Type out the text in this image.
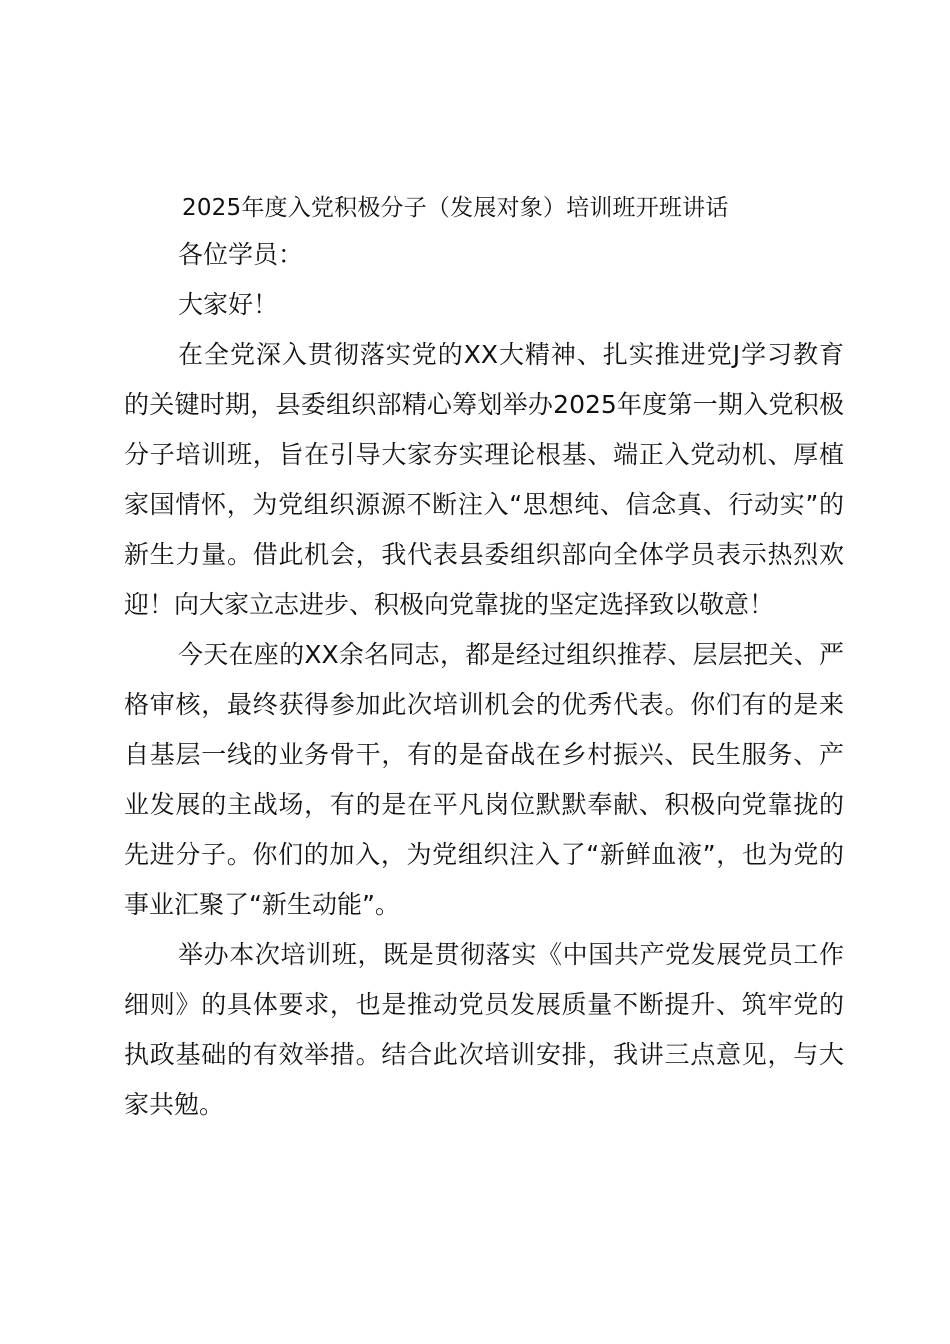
2025年度入党积极分子（发展对象）培训班开班讲话

各位学员：

大家好！

在全党深入贯彻落实党的XX大精神、扎实推进党J学习教育的关键时期，县委组织部精心筹划举办2025年度第一期入党积极分子培训班，旨在引导大家夯实理论根基、端正入党动机、厚植家国情怀，为党组织源源不断注入“思想纯、信念真、行动实”的新生力量。借此机会，我代表县委组织部向全体学员表示热烈欢迎！向大家立志进步、积极向党靠拢的坚定选择致以敬意！

今天在座的XX余名同志，都是经过组织推荐、层层把关、严格审核，最终获得参加此次培训机会的优秀代表。你们有的是来自基层一线的业务骨干，有的是奋战在乡村振兴、民生服务、产业发展的主战场，有的是在平凡岗位默默奉献、积极向党靠拢的先进分子。你们的加入，为党组织注入了“新鲜血液”，也为党的事业汇聚了“新生动能”。

举办本次培训班，既是贯彻落实《中国共产党发展党员工作细则》的具体要求，也是推动党员发展质量不断提升、筑牢党的执政基础的有效举措。结合此次培训安排，我讲三点意见，与大家共勉。
